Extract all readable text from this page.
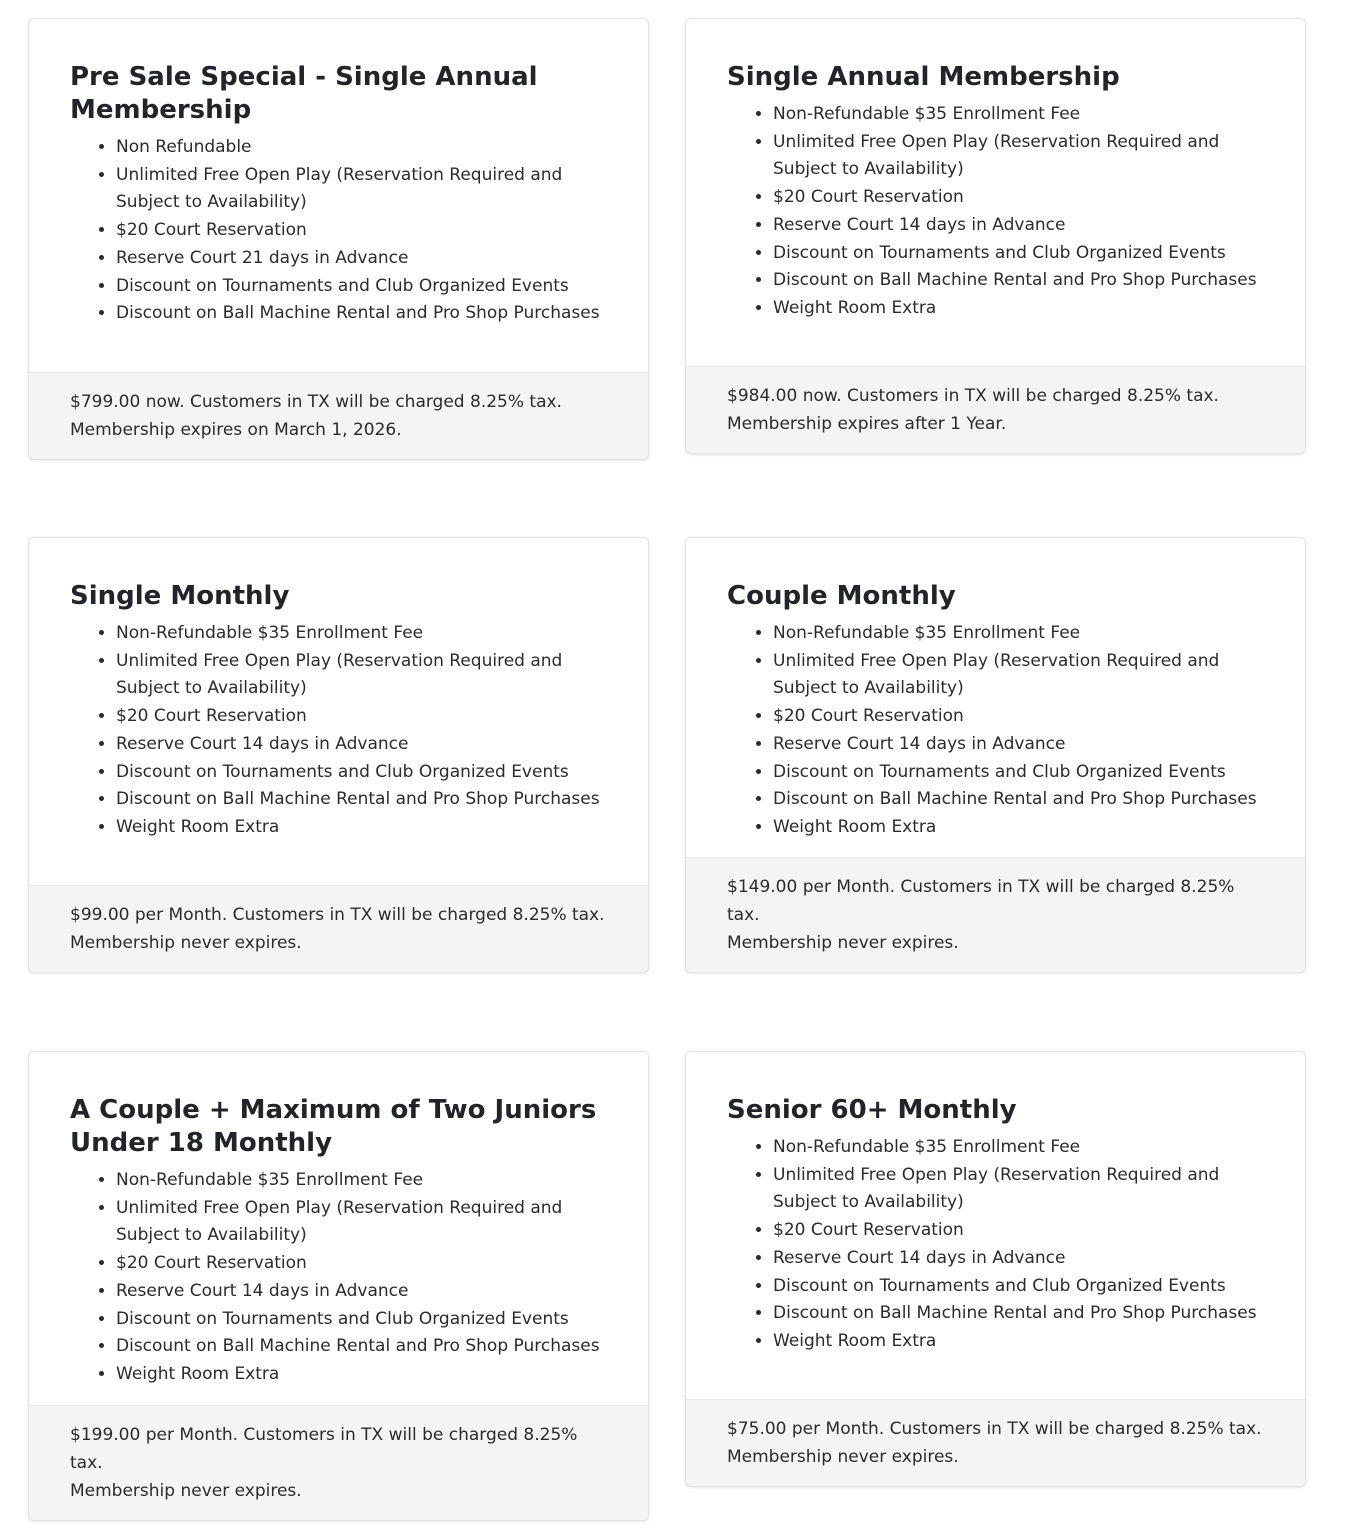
Pre Sale Special - Single Annual Membership
• Non Refundable
• Unlimited Free Open Play (Reservation Required and Subject to Availability)
• $20 Court Reservation
• Reserve Court 21 days in Advance
• Discount on Tournaments and Club Organized Events
• Discount on Ball Machine Rental and Pro Shop Purchases
$799.00 now. Customers in TX will be charged 8.25% tax.
Membership expires on March 1, 2026.
Single Annual Membership
• Non-Refundable $35 Enrollment Fee
• Unlimited Free Open Play (Reservation Required and Subject to Availability)
• $20 Court Reservation
• Reserve Court 14 days in Advance
• Discount on Tournaments and Club Organized Events
• Discount on Ball Machine Rental and Pro Shop Purchases
• Weight Room Extra
$984.00 now. Customers in TX will be charged 8.25% tax.
Membership expires after 1 Year.
Single Monthly
• Non-Refundable $35 Enrollment Fee
• Unlimited Free Open Play (Reservation Required and Subject to Availability)
• $20 Court Reservation
• Reserve Court 14 days in Advance
• Discount on Tournaments and Club Organized Events
• Discount on Ball Machine Rental and Pro Shop Purchases
• Weight Room Extra
$99.00 per Month. Customers in TX will be charged 8.25% tax.
Membership never expires.
Couple Monthly
• Non-Refundable $35 Enrollment Fee
• Unlimited Free Open Play (Reservation Required and Subject to Availability)
• $20 Court Reservation
• Reserve Court 14 days in Advance
• Discount on Tournaments and Club Organized Events
• Discount on Ball Machine Rental and Pro Shop Purchases
• Weight Room Extra
$149.00 per Month. Customers in TX will be charged 8.25% tax.
Membership never expires.
A Couple + Maximum of Two Juniors Under 18 Monthly
• Non-Refundable $35 Enrollment Fee
• Unlimited Free Open Play (Reservation Required and Subject to Availability)
• $20 Court Reservation
• Reserve Court 14 days in Advance
• Discount on Tournaments and Club Organized Events
• Discount on Ball Machine Rental and Pro Shop Purchases
• Weight Room Extra
$199.00 per Month. Customers in TX will be charged 8.25% tax.
Membership never expires.
Senior 60+ Monthly
• Non-Refundable $35 Enrollment Fee
• Unlimited Free Open Play (Reservation Required and Subject to Availability)
• $20 Court Reservation
• Reserve Court 14 days in Advance
• Discount on Tournaments and Club Organized Events
• Discount on Ball Machine Rental and Pro Shop Purchases
• Weight Room Extra
$75.00 per Month. Customers in TX will be charged 8.25% tax.
Membership never expires.
